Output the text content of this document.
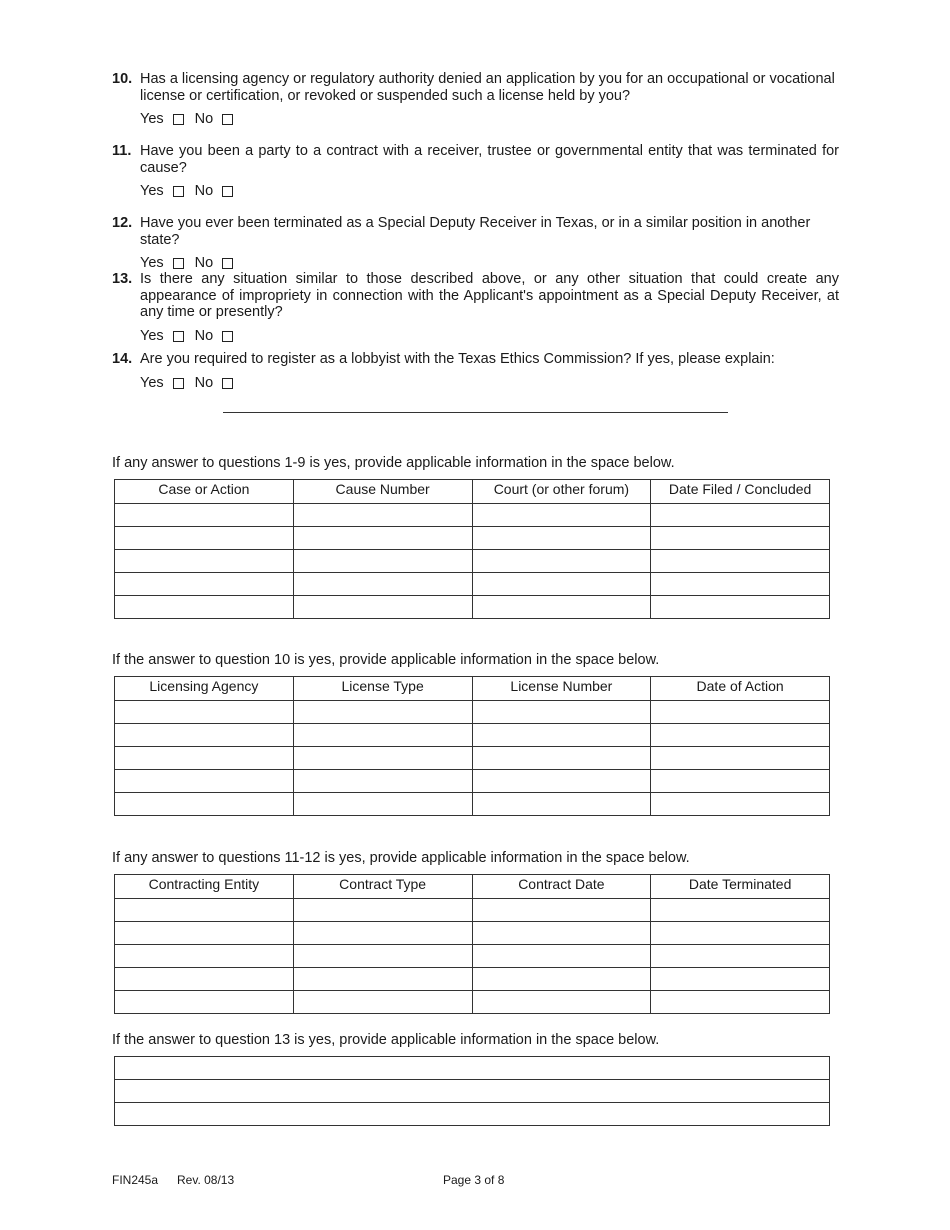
10. Has a licensing agency or regulatory authority denied an application by you for an occupational or vocational license or certification, or revoked or suspended such a license held by you?
Yes No
11. Have you been a party to a contract with a receiver, trustee or governmental entity that was terminated for cause?
Yes No
12. Have you ever been terminated as a Special Deputy Receiver in Texas, or in a similar position in another state?
Yes No
13. Is there any situation similar to those described above, or any other situation that could create any appearance of impropriety in connection with the Applicant's appointment as a Special Deputy Receiver, at any time or presently?
Yes No
14. Are you required to register as a lobbyist with the Texas Ethics Commission? If yes, please explain:
Yes No
If any answer to questions 1-9 is yes, provide applicable information in the space below.
Case or Action	Cause Number	Court (or other forum)	Date Filed / Concluded

If the answer to question 10 is yes, provide applicable information in the space below.
Licensing Agency	License Type	License Number	Date of Action

If any answer to questions 11-12 is yes, provide applicable information in the space below.
Contracting Entity	Contract Type	Contract Date	Date Terminated

If the answer to question 13 is yes, provide applicable information in the space below.

FIN245a Rev. 08/13	Page 3 of 8
